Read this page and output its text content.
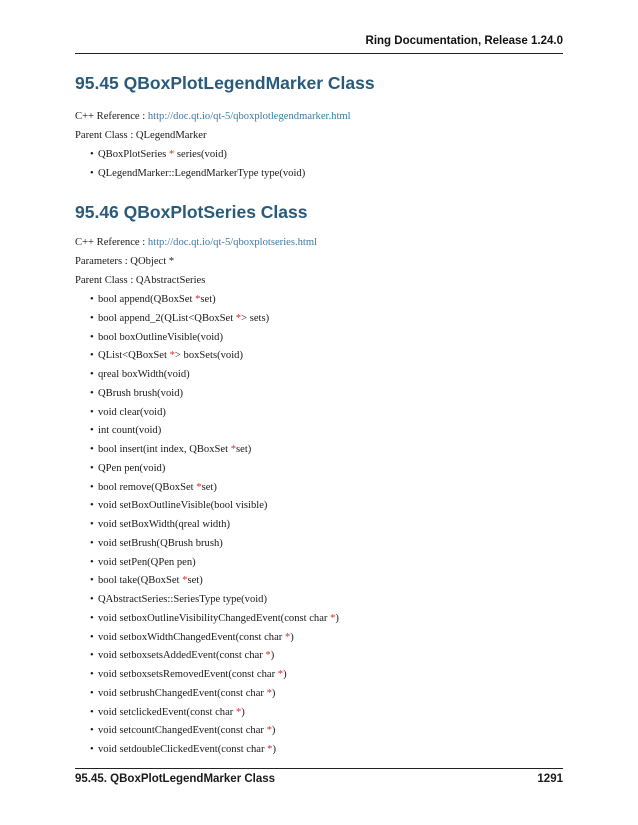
Ring Documentation, Release 1.24.0
95.45 QBoxPlotLegendMarker Class

C++ Reference : http://doc.qt.io/qt-5/qboxplotlegendmarker.html

Parent Class : QLegendMarker

• QBoxPlotSeries * series(void)
• QLegendMarker::LegendMarkerType type(void)
95.46 QBoxPlotSeries Class

C++ Reference : http://doc.qt.io/qt-5/qboxplotseries.html

Parameters : QObject *

Parent Class : QAbstractSeries

• bool append(QBoxSet *set)
• bool append_2(QList<QBoxSet *> sets)
• bool boxOutlineVisible(void)
• QList<QBoxSet *> boxSets(void)
• qreal boxWidth(void)
• QBrush brush(void)
• void clear(void)
• int count(void)
• bool insert(int index, QBoxSet *set)
• QPen pen(void)
• bool remove(QBoxSet *set)
• void setBoxOutlineVisible(bool visible)
• void setBoxWidth(qreal width)
• void setBrush(QBrush brush)
• void setPen(QPen pen)
• bool take(QBoxSet *set)
• QAbstractSeries::SeriesType type(void)
• void setboxOutlineVisibilityChangedEvent(const char *)
• void setboxWidthChangedEvent(const char *)
• void setboxsetsAddedEvent(const char *)
• void setboxsetsRemovedEvent(const char *)
• void setbrushChangedEvent(const char *)
• void setclickedEvent(const char *)
• void setcountChangedEvent(const char *)
• void setdoubleClickedEvent(const char *)
95.45. QBoxPlotLegendMarker Class	1291
